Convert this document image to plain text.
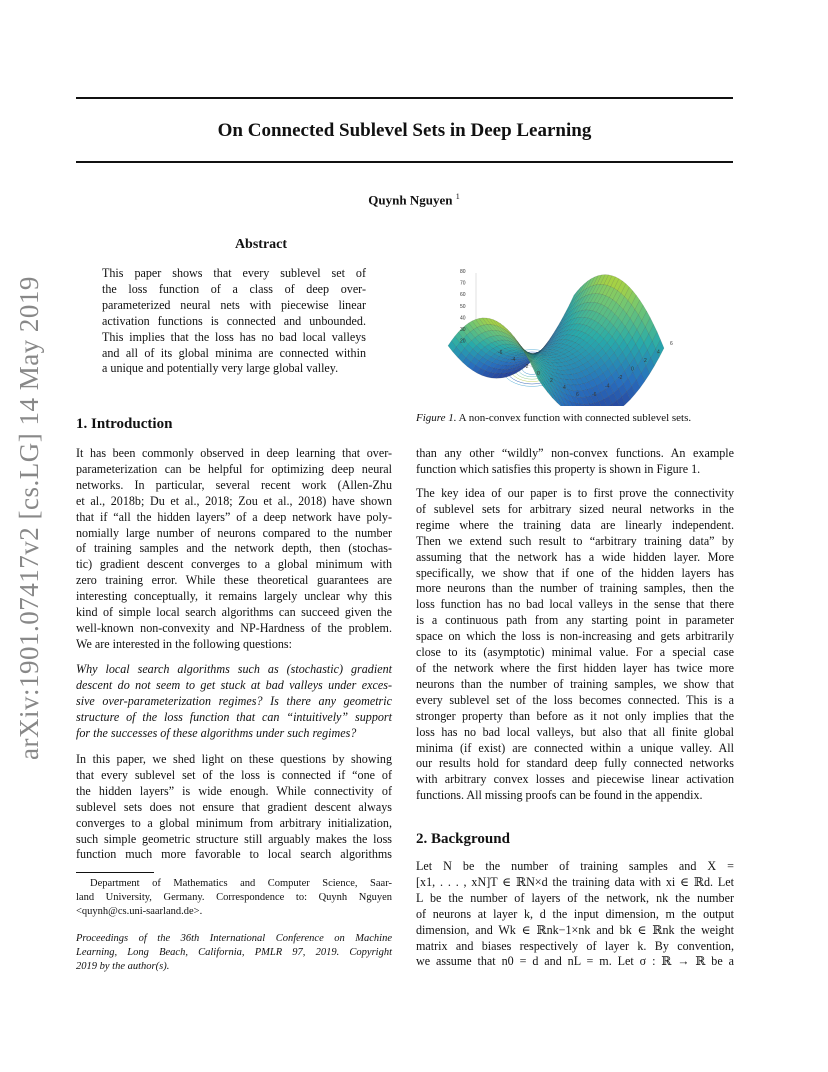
On Connected Sublevel Sets in Deep Learning
Quynh Nguyen $^1$
arXiv:1901.07417v2 [cs.LG] 14 May 2019
Abstract
This paper shows that every sublevel set of
the loss function of a class of deep over-
parameterized neural nets with piecewise linear
activation functions is connected and unbounded.
This implies that the loss has no bad local valleys
and all of its global minima are connected within
a unique and potentially very large global valley.
80
70
60
50
40
30
20
-6
-4
-2
0
2
4
6	-6
-4
-2
0
2
4
6
Figure 1. A non-convex function with connected sublevel sets.
1. Introduction
It has been commonly observed in deep learning that over-
parameterization can be helpful for optimizing deep neural
networks. In particular, several recent work (Allen-Zhu
et al., 2018b; Du et al., 2018; Zou et al., 2018) have shown
that if “all the hidden layers” of a deep network have poly-
nomially large number of neurons compared to the number
of training samples and the network depth, then (stochas-
tic) gradient descent converges to a global minimum with
zero training error. While these theoretical guarantees are
interesting conceptually, it remains largely unclear why this
kind of simple local search algorithms can succeed given the
well-known non-convexity and NP-Hardness of the problem.
We are interested in the following questions:
Why local search algorithms such as (stochastic) gradient
descent do not seem to get stuck at bad valleys under exces-
sive over-parameterization regimes? Is there any geometric
structure of the loss function that can “intuitively” support
for the successes of these algorithms under such regimes?
In this paper, we shed light on these questions by showing
that every sublevel set of the loss is connected if “one of
the hidden layers” is wide enough. While connectivity of
sublevel sets does not ensure that gradient descent always
converges to a global minimum from arbitrary initialization,
such simple geometric structure still arguably makes the loss
function much more favorable to local search algorithms
Department of Mathematics and Computer Science, Saar-
land University, Germany. Correspondence to: Quynh Nguyen
<quynh@cs.uni-saarland.de>.
Proceedings of the 36th International Conference on Machine
Learning, Long Beach, California, PMLR 97, 2019. Copyright
2019 by the author(s).
than any other “wildly” non-convex functions. An example
function which satisfies this property is shown in Figure 1.
The key idea of our paper is to first prove the connectivity
of sublevel sets for arbitrary sized neural networks in the
regime where the training data are linearly independent.
Then we extend such result to “arbitrary training data” by
assuming that the network has a wide hidden layer. More
specifically, we show that if one of the hidden layers has
more neurons than the number of training samples, then the
loss function has no bad local valleys in the sense that there
is a continuous path from any starting point in parameter
space on which the loss is non-increasing and gets arbitrarily
close to its (asymptotic) minimal value. For a special case
of the network where the first hidden layer has twice more
neurons than the number of training samples, we show that
every sublevel set of the loss becomes connected. This is a
stronger property than before as it not only implies that the
loss has no bad local valleys, but also that all finite global
minima (if exist) are connected within a unique valley. All
our results hold for standard deep fully connected networks
with arbitrary convex losses and piecewise linear activation
functions. All missing proofs can be found in the appendix.
2. Background
Let N be the number of training samples and X =
[x1, . . . , xN]T ∈ ℝN×d the training data with xi ∈ ℝd. Let
L be the number of layers of the network, nk the number
of neurons at layer k, d the input dimension, m the output
dimension, and Wk ∈ ℝnk−1×nk and bk ∈ ℝnk the weight
matrix and biases respectively of layer k. By convention,
we assume that n0 = d and nL = m. Let σ : ℝ → ℝ be a
